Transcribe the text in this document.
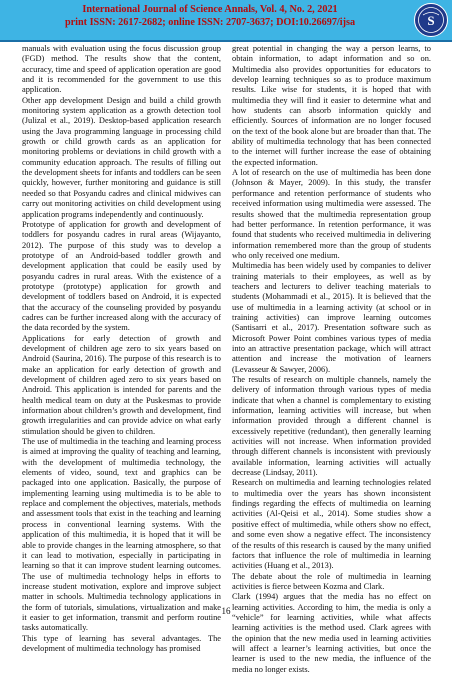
International Journal of Science Annals, Vol. 4, No. 2, 2021
print ISSN: 2617-2682; online ISSN: 2707-3637; DOI:10.26697/ijsa	S

manuals with evaluation using the focus discussion group (FGD) method. The results show that the content, accuracy, time and speed of application operation are good and it is recommended for the government to use this application.

Other app development Design and build a child growth monitoring system application as a growth detection tool (Julizal et al., 2019). Desktop-based application research using the Java programming language in processing child growth or child growth cards as an application for monitoring problems or deviations in child growth with a community education approach. The results of filling out the development sheets for infants and toddlers can be seen quickly, however, further monitoring and guidance is still needed so that Posyandu cadres and clinical midwives can carry out monitoring activities on child development using application programs independently and continuously.

Prototype of application for growth and development of toddlers for posyandu cadres in rural areas (Wijayanto, 2012). The purpose of this study was to develop a prototype of an Android-based toddler growth and development application that could be easily used by posyandu cadres in rural areas. With the existence of a prototype (prototype) application for growth and development of toddlers based on Android, it is expected that the accuracy of the counseling provided by posyandu cadres can be further increased along with the accuracy of the data recorded by the system.

Applications for early detection of growth and development of children age zero to six years based on Android (Saurina, 2016). The purpose of this research is to make an application for early detection of growth and development of children aged zero to six years based on Android. This application is intended for parents and the health medical team on duty at the Puskesmas to provide information about children’s growth and development, find growth irregularities and can provide advice on what early stimulation should be given to children.

The use of multimedia in the teaching and learning process is aimed at improving the quality of teaching and learning, with the development of multimedia technology, the elements of video, sound, text and graphics can be packaged into one application. Basically, the purpose of implementing learning using multimedia is to be able to replace and complement the objectives, materials, methods and assessment tools that exist in the teaching and learning process in conventional learning systems. With the application of this multimedia, it is hoped that it will be able to provide changes in the learning atmosphere, so that it can lead to motivation, especially in participating in learning so that it can improve student learning outcomes. The use of multimedia technology helps in efforts to increase student motivation, explore and improve subject matter in schools. Multimedia technology applications in the form of tutorials, simulations, virtualization and make it easier to get information, transmit and perform routine tasks automatically.

This type of learning has several advantages. The development of multimedia technology has promised

great potential in changing the way a person learns, to obtain information, to adapt information and so on. Multimedia also provides opportunities for educators to develop learning techniques so as to produce maximum results. Like wise for students, it is hoped that with multimedia they will find it easier to determine what and how students can absorb information quickly and efficiently. Sources of information are no longer focused on the text of the book alone but are broader than that. The ability of multimedia technology that has been connected to the internet will further increase the ease of obtaining the expected information.

A lot of research on the use of multimedia has been done (Johnson & Mayer, 2009). In this study, the transfer performance and retention performance of students who received information using multimedia were assessed. The results showed that the multimedia representation group had better performance. In retention performance, it was found that students who received multimedia in delivering information remembered more than the group of students who only received one medium.

Multimedia has been widely used by companies to deliver training materials to their employees, as well as by teachers and lecturers to deliver teaching materials to students (Mohammadi et al., 2015). It is believed that the use of multimedia in a learning activity (at school or in training activities) can improve learning outcomes (Santisarri et al., 2017). Presentation software such as Microsoft Power Point combines various types of media into an attractive presentation package, which will attract attention and increase the motivation of learners (Levasseur & Sawyer, 2006).

The results of research on multiple channels, namely the delivery of information through various types of media indicate that when a channel is complementary to existing information, learning activities will increase, but when information provided through a different channel is excessively repetitive (redundant), then generally learning activities will not increase. When information provided through different channels is inconsistent with previously available information, learning activities will actually decrease (Lindsay, 2011).

Research on multimedia and learning technologies related to multimedia over the years has shown inconsistent findings regarding the effects of multimedia on learning activities (Al-Qeisi et al., 2014). Some studies show a positive effect of multimedia, while others show no effect, and some even show a negative effect. The inconsistency of the results of this research is caused by the many unified factors that influence the role of multimedia in learning activities (Huang et al., 2013).

The debate about the role of multimedia in learning activities is fierce between Kozma and Clark.

Clark (1994) argues that the media has no effect on learning activities. According to him, the media is only a “vehicle” for learning activities, while what affects learning activities is the method used. Clark agrees with the opinion that the new media used in learning activities will affect a learner’s learning activities, but once the learner is used to the new media, the influence of the media no longer exists.

16
